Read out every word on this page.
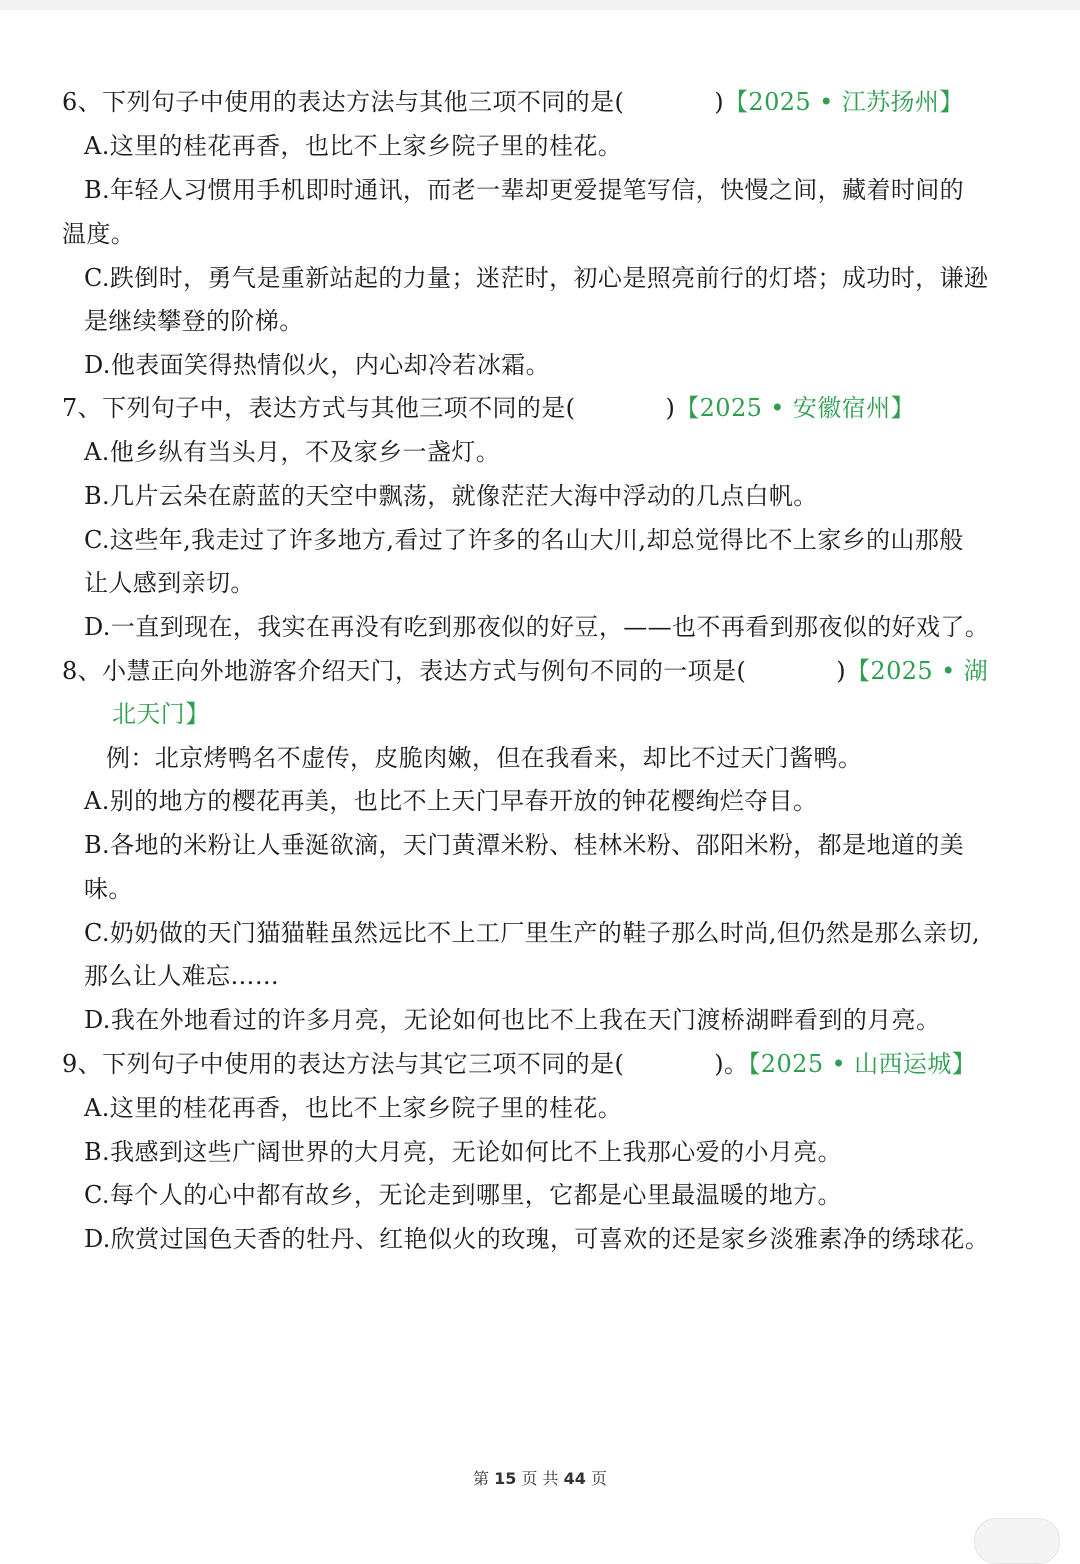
6、下列句子中使用的表达方法与其他三项不同的是(	)【2025 • 江苏扬州】
A.这里的桂花再香，也比不上家乡院子里的桂花。
B.年轻人习惯用手机即时通讯，而老一辈却更爱提笔写信，快慢之间，藏着时间的
温度。
C.跌倒时，勇气是重新站起的力量；迷茫时，初心是照亮前行的灯塔；成功时，谦逊
是继续攀登的阶梯。
D.他表面笑得热情似火，内心却冷若冰霜。
7、下列句子中，表达方式与其他三项不同的是(	)【2025 • 安徽宿州】
A.他乡纵有当头月，不及家乡一盏灯。
B.几片云朵在蔚蓝的天空中飘荡，就像茫茫大海中浮动的几点白帆。
C.这些年,我走过了许多地方,看过了许多的名山大川,却总觉得比不上家乡的山那般
让人感到亲切。
D.一直到现在，我实在再没有吃到那夜似的好豆，——也不再看到那夜似的好戏了。
8、小慧正向外地游客介绍天门，表达方式与例句不同的一项是(	)【2025 • 湖
北天门】
例：北京烤鸭名不虚传，皮脆肉嫩，但在我看来，却比不过天门酱鸭。
A.别的地方的樱花再美，也比不上天门早春开放的钟花樱绚烂夺目。
B.各地的米粉让人垂涎欲滴，天门黄潭米粉、桂林米粉、邵阳米粉，都是地道的美
味。
C.奶奶做的天门猫猫鞋虽然远比不上工厂里生产的鞋子那么时尚,但仍然是那么亲切,
那么让人难忘……
D.我在外地看过的许多月亮，无论如何也比不上我在天门渡桥湖畔看到的月亮。
9、下列句子中使用的表达方法与其它三项不同的是(	)。【2025 • 山西运城】
A.这里的桂花再香，也比不上家乡院子里的桂花。
B.我感到这些广阔世界的大月亮，无论如何比不上我那心爱的小月亮。
C.每个人的心中都有故乡，无论走到哪里，它都是心里最温暖的地方。
D.欣赏过国色天香的牡丹、红艳似火的玫瑰，可喜欢的还是家乡淡雅素净的绣球花。
第 15 页 共 44 页
